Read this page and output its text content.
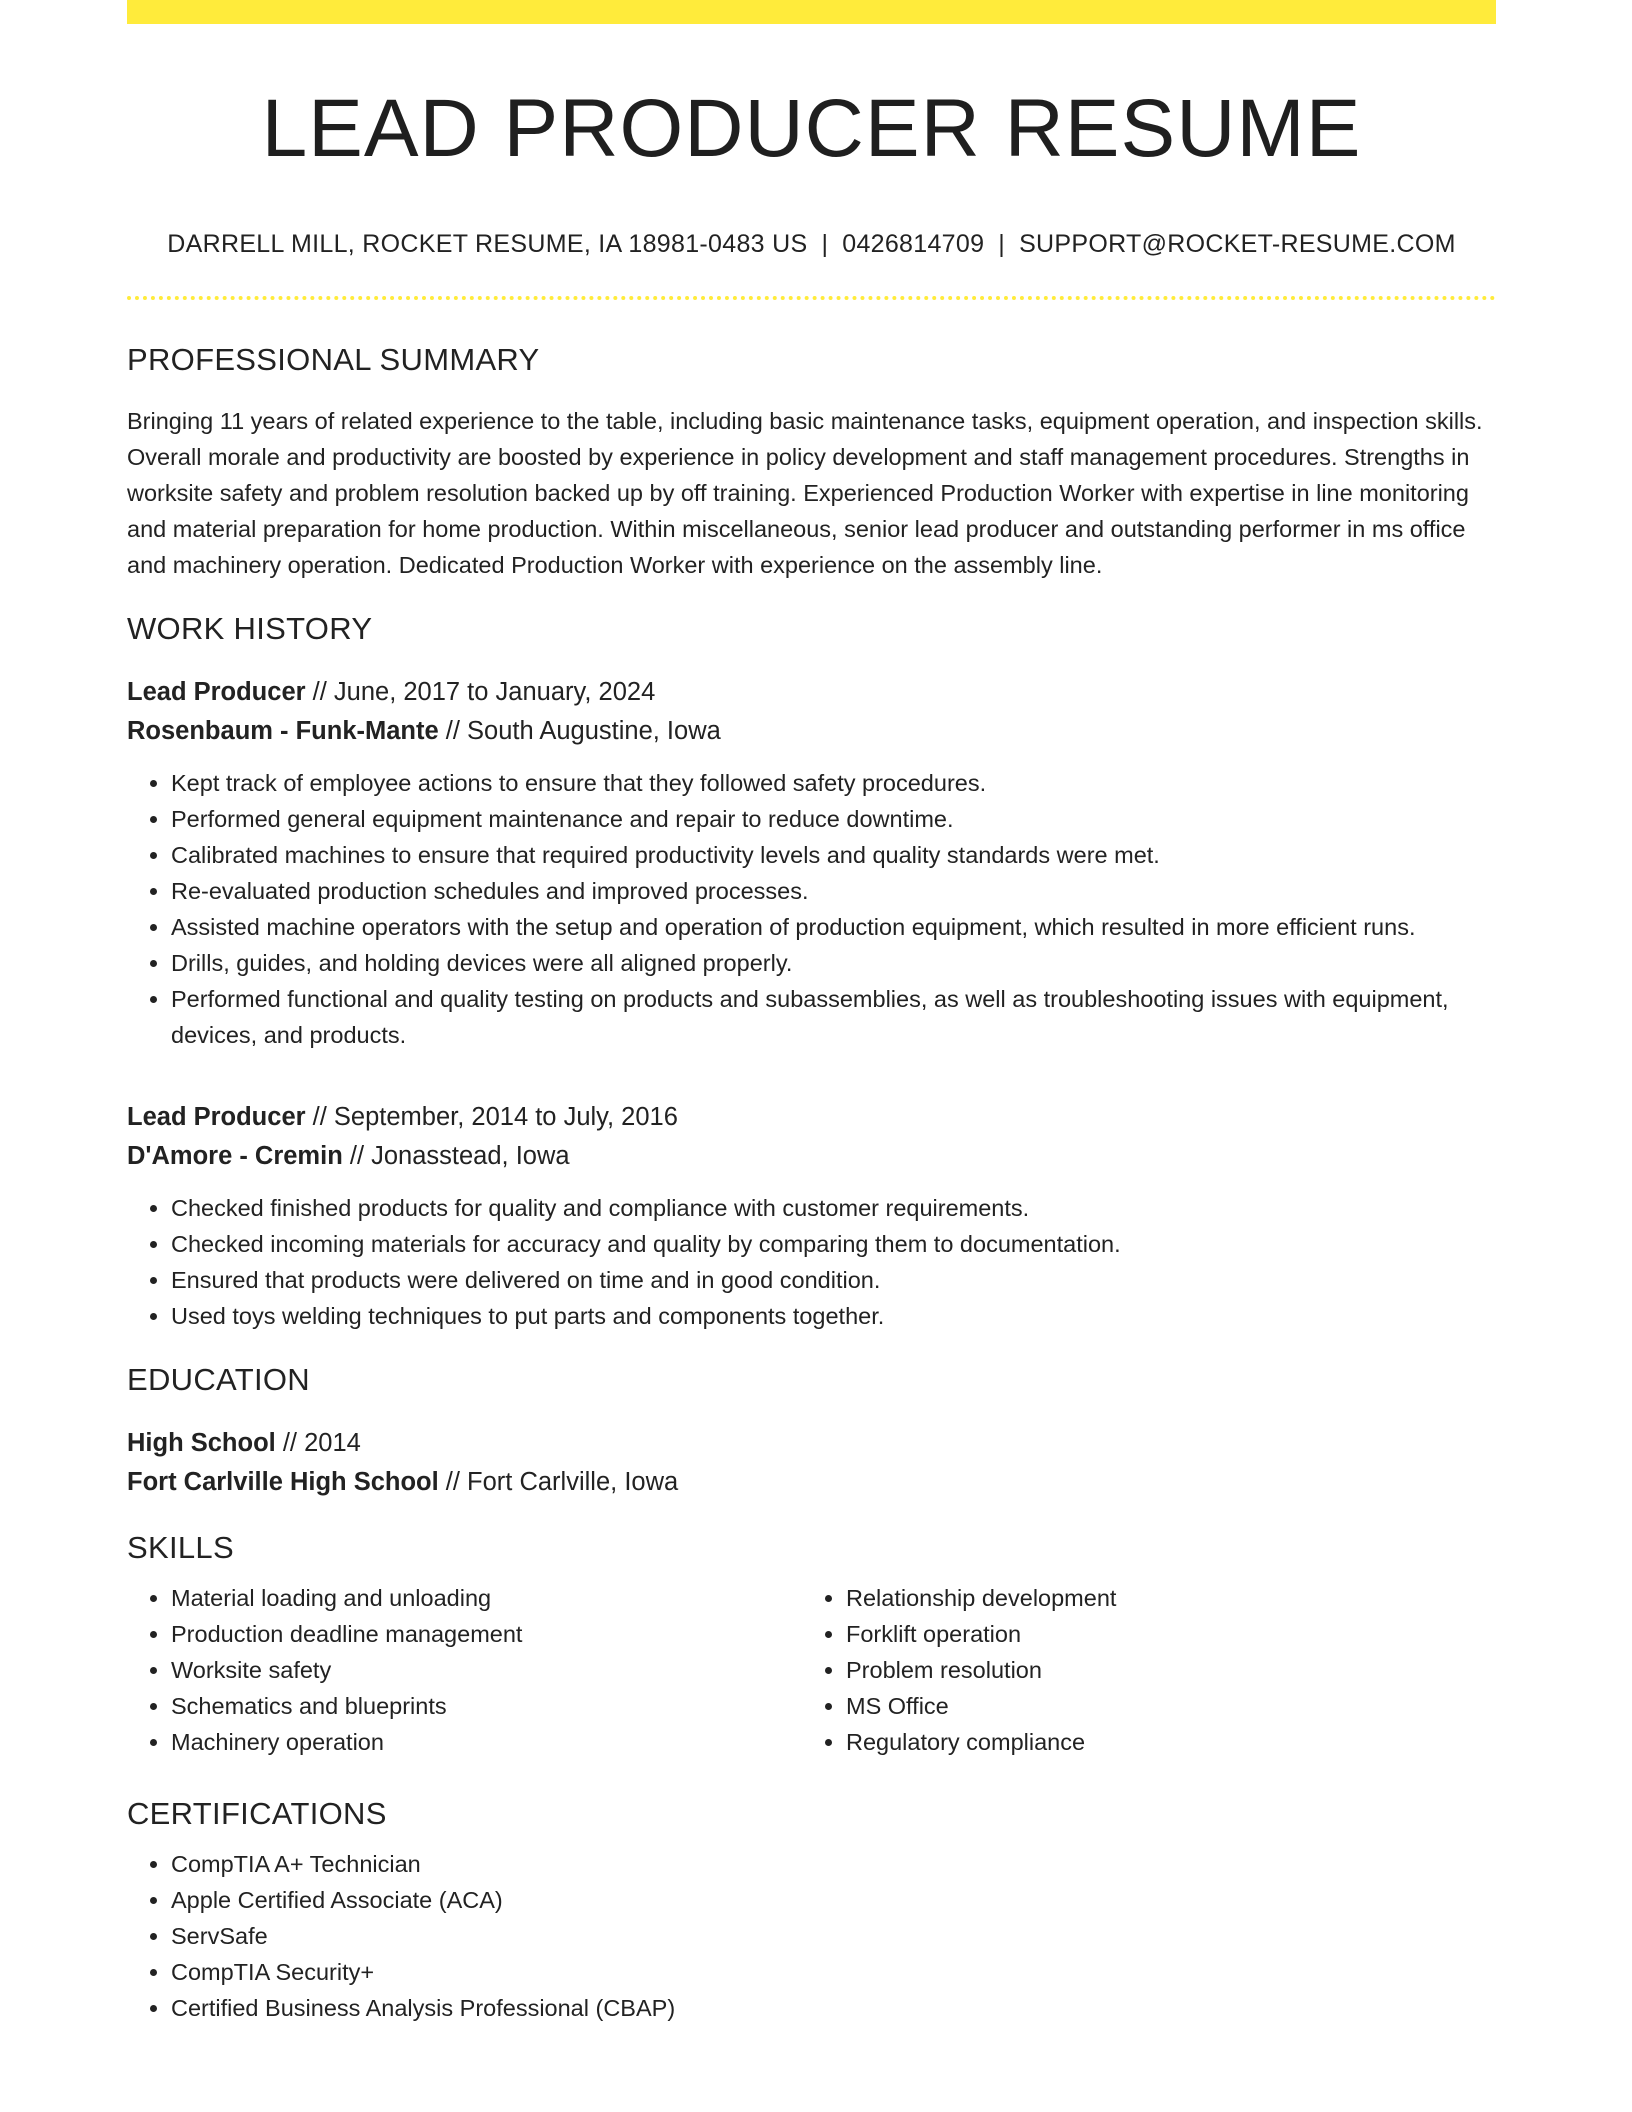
LEAD PRODUCER RESUME
DARRELL MILL, ROCKET RESUME, IA 18981-0483 US | 0426814709 | SUPPORT@ROCKET-RESUME.COM
PROFESSIONAL SUMMARY

Bringing 11 years of related experience to the table, including basic maintenance tasks, equipment operation, and inspection skills. Overall morale and productivity are boosted by experience in policy development and staff management procedures. Strengths in worksite safety and problem resolution backed up by off training. Experienced Production Worker with expertise in line monitoring and material preparation for home production. Within miscellaneous, senior lead producer and outstanding performer in ms office and machinery operation. Dedicated Production Worker with experience on the assembly line.

WORK HISTORY
Lead Producer // June, 2017 to January, 2024
Rosenbaum - Funk-Mante // South Augustine, Iowa
• Kept track of employee actions to ensure that they followed safety procedures.
• Performed general equipment maintenance and repair to reduce downtime.
• Calibrated machines to ensure that required productivity levels and quality standards were met.
• Re-evaluated production schedules and improved processes.
• Assisted machine operators with the setup and operation of production equipment, which resulted in more efficient runs.
• Drills, guides, and holding devices were all aligned properly.
• Performed functional and quality testing on products and subassemblies, as well as troubleshooting issues with equipment, devices, and products.
Lead Producer // September, 2014 to July, 2016
D'Amore - Cremin // Jonasstead, Iowa
• Checked finished products for quality and compliance with customer requirements.
• Checked incoming materials for accuracy and quality by comparing them to documentation.
• Ensured that products were delivered on time and in good condition.
• Used toys welding techniques to put parts and components together.
EDUCATION
High School // 2014
Fort Carlville High School // Fort Carlville, Iowa
SKILLS
• Material loading and unloading
• Production deadline management
• Worksite safety
• Schematics and blueprints
• Machinery operation
• Relationship development
• Forklift operation
• Problem resolution
• MS Office
• Regulatory compliance
CERTIFICATIONS
• CompTIA A+ Technician
• Apple Certified Associate (ACA)
• ServSafe
• CompTIA Security+
• Certified Business Analysis Professional (CBAP)
